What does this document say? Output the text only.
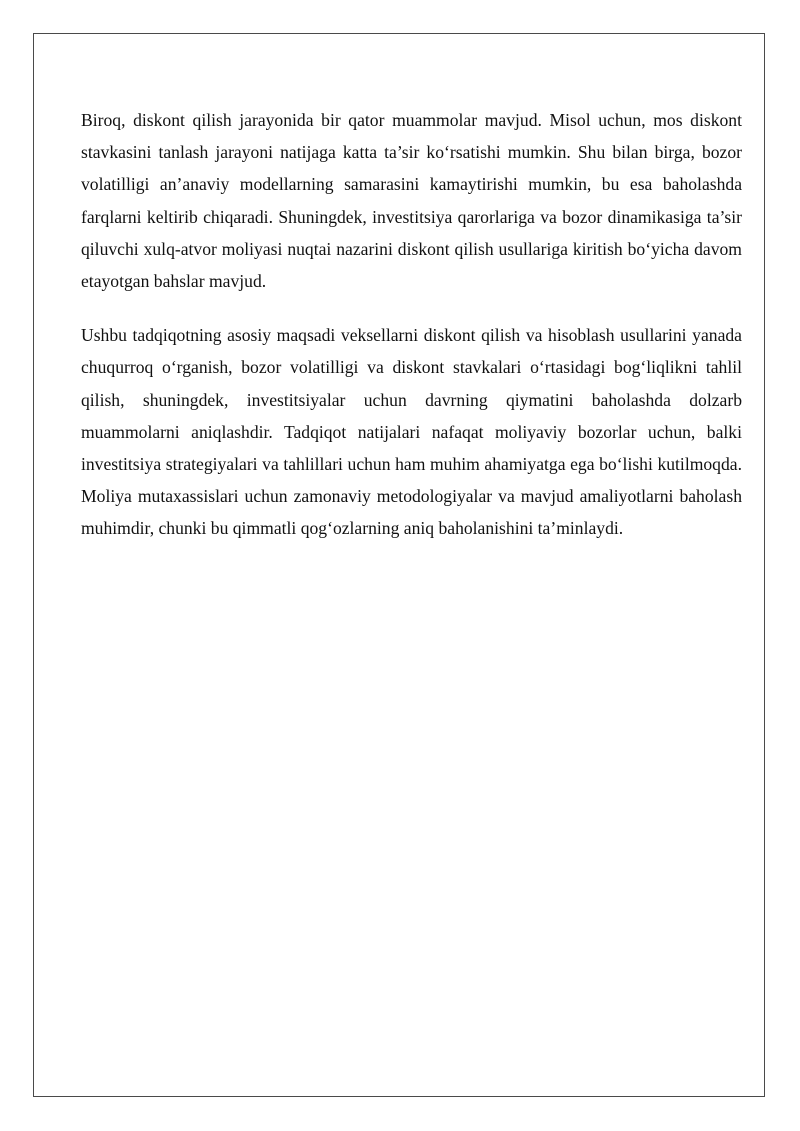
Biroq, diskont qilish jarayonida bir qator muammolar mavjud. Misol uchun, mos diskont stavkasini tanlash jarayoni natijaga katta ta’sir ko‘rsatishi mumkin. Shu bilan birga, bozor volatilligi an’anaviy modellarning samarasini kamaytirishi mumkin, bu esa baholashda farqlarni keltirib chiqaradi. Shuningdek, investitsiya qarorlariga va bozor dinamikasiga ta’sir qiluvchi xulq-atvor moliyasi nuqtai nazarini diskont qilish usullariga kiritish bo‘yicha davom etayotgan bahslar mavjud.

Ushbu tadqiqotning asosiy maqsadi veksellarni diskont qilish va hisoblash usullarini yanada chuqurroq o‘rganish, bozor volatilligi va diskont stavkalari o‘rtasidagi bog‘liqlikni tahlil qilish, shuningdek, investitsiyalar uchun davrning qiymatini baholashda dolzarb muammolarni aniqlashdir. Tadqiqot natijalari nafaqat moliyaviy bozorlar uchun, balki investitsiya strategiyalari va tahlillari uchun ham muhim ahamiyatga ega bo‘lishi kutilmoqda. Moliya mutaxassislari uchun zamonaviy metodologiyalar va mavjud amaliyotlarni baholash muhimdir, chunki bu qimmatli qog‘ozlarning aniq baholanishini ta’minlaydi.
